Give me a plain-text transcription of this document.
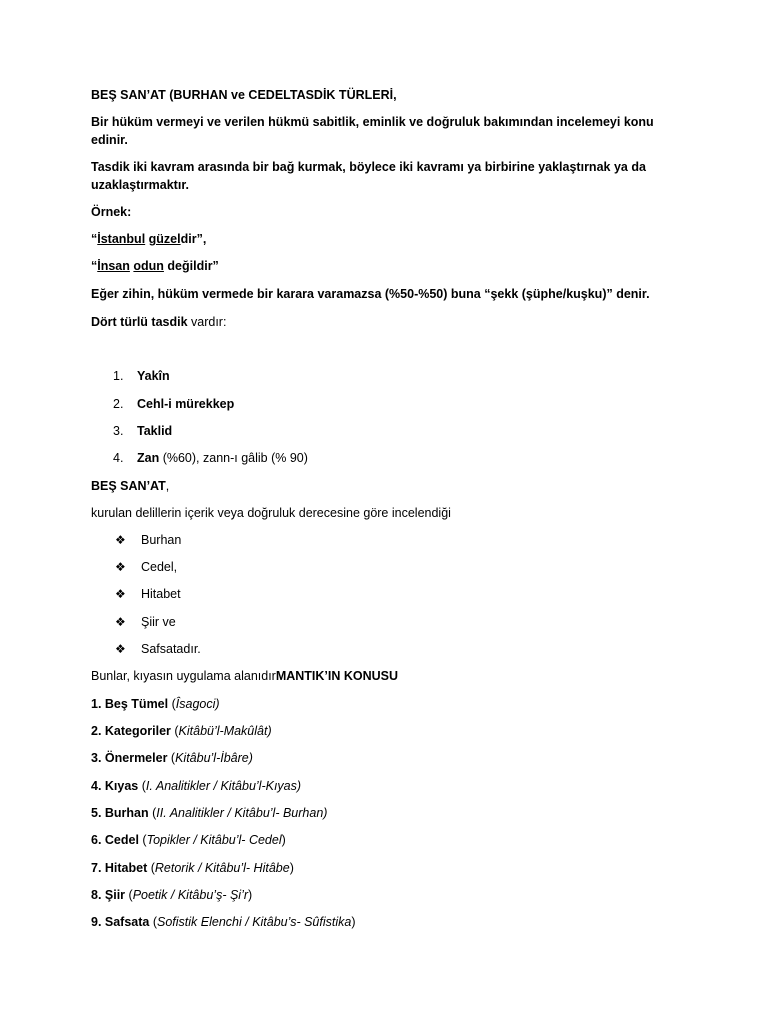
BEŞ SAN’AT (BURHAN ve CEDELTASDİK TÜRLERİ,
Bir hüküm vermeyi ve verilen hükmü sabitlik, eminlik ve doğruluk bakımından incelemeyi konu
edinir.
Tasdik iki kavram arasında bir bağ kurmak, böylece iki kavramı ya birbirine yaklaştırnak ya da
uzaklaştırmaktır.
Örnek:
“İstanbul güzeldir”,
“İnsan odun değildir”
Eğer zihin, hüküm vermede bir karara varamazsa (%50-%50) buna “şekk (şüphe/kuşku)” denir.
Dört türlü tasdik vardır:
1. Yakîn
2. Cehl-i mürekkep
3. Taklid
4. Zan (%60), zann-ı gâlib (% 90)
BEŞ SAN’AT,
kurulan delillerin içerik veya doğruluk derecesine göre incelendiği
❖ Burhan
❖ Cedel,
❖ Hitabet
❖ Şiir ve
❖ Safsatadır.
Bunlar, kıyasın uygulama alanıdırMANTIK’IN KONUSU
1. Beş Tümel (Îsagoci)
2. Kategoriler (Kitâbü’l-Makûlât)
3. Önermeler (Kitâbu’l-İbâre)
4. Kıyas (I. Analitikler / Kitâbu’l-Kıyas)
5. Burhan (II. Analitikler / Kitâbu’l- Burhan)
6. Cedel (Topikler / Kitâbu’l- Cedel)
7. Hitabet (Retorik / Kitâbu’l- Hitâbe)
8. Şiir (Poetik / Kitâbu’ş- Şi’r)
9. Safsata (Sofistik Elenchi / Kitâbu’s- Sûfistika)
